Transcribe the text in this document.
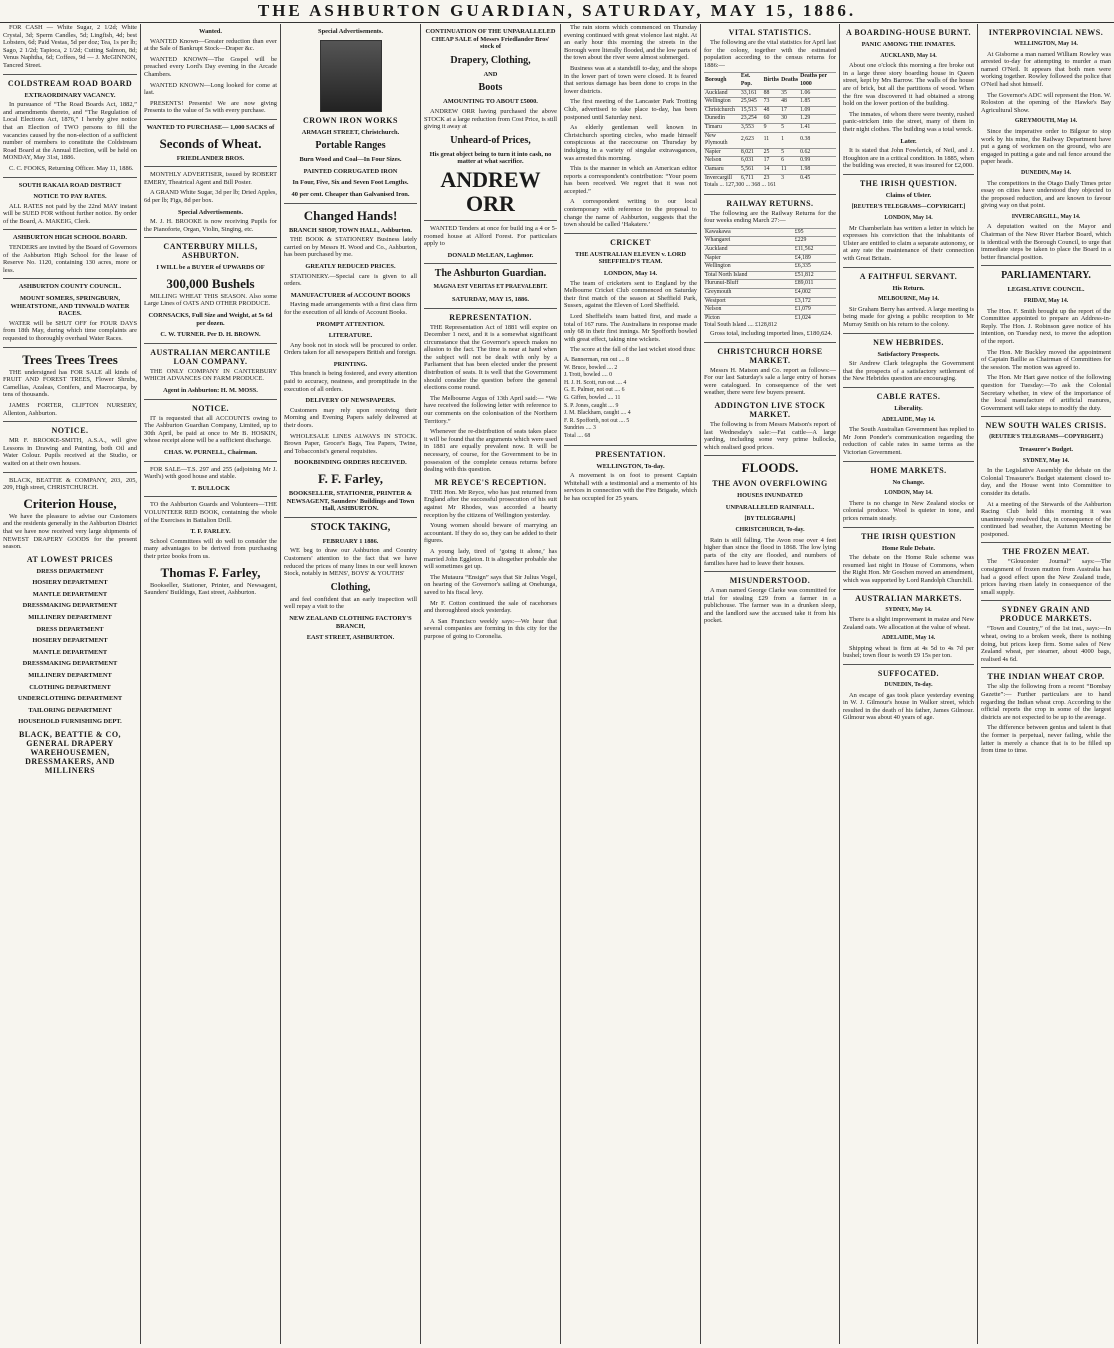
THE ASHBURTON GUARDIAN, SATURDAY, MAY 15, 1886.

FOR CASH — White Sugar, 2 1/2d; White Crystal, 3d; Sperm Candles, 5d; Lingfish, 4d; best Lobsters, 6d; Paid Vestas, 5d per doz; Tea, 1s per lb; Sago, 2 1/2d; Tapioca, 2 1/2d; Cutting Salmon, 8d; Venus Naphtha, 6d; Coffees, 9d — J. McGINNON, Tancred Street.

COLDSTREAM ROAD BOARD
EXTRAORDINARY VACANCY.

In pursuance of “The Road Boards Act, 1882,” and amendments thereto, and “The Regulation of Local Elections Act, 1876,” I hereby give notice that an Election of TWO persons to fill the vacancies caused by the non-election of a sufficient number of members to constitute the Coldstream Road Board at the Annual Election, will be held on MONDAY, May 31st, 1886.

C. C. FOOKS, Returning Officer. May 11, 1886.

SOUTH RAKAIA ROAD DISTRICT
NOTICE TO PAY RATES.

ALL RATES not paid by the 22nd MAY instant will be SUED FOR without further notice. By order of the Board, A. MAKEIG, Clerk.

ASHBURTON HIGH SCHOOL BOARD.

TENDERS are invited by the Board of Governors of the Ashburton High School for the lease of Reserve No. 1120, containing 130 acres, more or less.

ASHBURTON COUNTY COUNCIL.
MOUNT SOMERS, SPRINGBURN, WHEATSTONE, AND TINWALD WATER RACES.

WATER will be SHUT OFF for FOUR DAYS from 18th May, during which time complaints are requested to thoroughly overhaul Water Races.

Trees Trees Trees

THE undersigned has FOR SALE all kinds of FRUIT AND FOREST TREES, Flower Shrubs, Camellias, Azaleas, Conifers, and Macrocarpa, by tens of thousands.

JAMES FORTER, CLIFTON NURSERY, Allenton, Ashburton.

NOTICE.

MR F. BROOKE-SMITH, A.S.A., will give Lessons in Drawing and Painting, both Oil and Water Colour. Pupils received at the Studio, or waited on at their own houses.

BLACK, BEATTIE & COMPANY, 203, 205, 209, High street, CHRISTCHURCH.

Criterion House,

We have the pleasure to advise our Customers and the residents generally in the Ashburton District that we have now received very large shipments of NEWEST DRAPERY GOODS for the present season.

AT LOWEST PRICES
DRESS DEPARTMENT
HOSIERY DEPARTMENT
MANTLE DEPARTMENT
DRESSMAKING DEPARTMENT
MILLINERY DEPARTMENT
DRESS DEPARTMENT
HOSIERY DEPARTMENT
MANTLE DEPARTMENT
DRESSMAKING DEPARTMENT
MILLINERY DEPARTMENT
CLOTHING DEPARTMENT
UNDERCLOTHING DEPARTMENT
TAILORING DEPARTMENT
HOUSEHOLD FURNISHING DEPT.
BLACK, BEATTIE & CO, GENERAL DRAPERY WAREHOUSEMEN, DRESSMAKERS, AND MILLINERS
Wanted.

WANTED Known—Greater reduction than ever at the Sale of Bankrupt Stock—Draper &c.

WANTED KNOWN—The Gospel will be preached every Lord's Day evening in the Arcade Chambers.

WANTED KNOWN—Long looked for come at last.

PRESENTS! Presents! We are now giving Presents to the value of 5s with every purchase.

WANTED TO PURCHASE— 1,000 SACKS of
Seconds of Wheat.
FRIEDLANDER BROS.

MONTHLY ADVERTISER, issued by ROBERT EMERY, Theatrical Agent and Bill Poster.

A GRAND White Sugar, 3d per lb; Dried Apples, 6d per lb; Figs, 8d per box.

Special Advertisements.

M. J. H. BROOKE is now receiving Pupils for the Pianoforte, Organ, Violin, Singing, etc.

CANTERBURY MILLS, ASHBURTON.
I WILL be a BUYER of UPWARDS OF
300,000 Bushels

MILLING WHEAT THIS SEASON. Also some Large Lines of OATS AND OTHER PRODUCE.

CORNSACKS, Full Size and Weight, at 5s 6d per dozen.
C. W. TURNER. Per D. H. BROWN.
AUSTRALIAN MERCANTILE LOAN COMPANY.

THE ONLY COMPANY IN CANTERBURY WHICH ADVANCES ON FARM PRODUCE.

Agent in Ashburton: H. M. MOSS.
NOTICE.

IT is requested that all ACCOUNTS owing to The Ashburton Guardian Company, Limited, up to 30th April, be paid at once to Mr B. HOSKIN, whose receipt alone will be a sufficient discharge.

CHAS. W. PURNELL, Chairman.

FOR SALE—T.S. 297 and 255 (adjoining Mr J. Ward's) with good house and stable.

T. BULLOCK

TO the Ashburton Guards and Volunteers—THE VOLUNTEER RED BOOK, containing the whole of the Exercises in Battalion Drill.

T. F. FARLEY.

School Committees will do well to consider the many advantages to be derived from purchasing their prize books from us.

Thomas F. Farley,

Bookseller, Stationer, Printer, and Newsagent, Saunders' Buildings, East street, Ashburton.

Special Advertisements.
CROWN IRON WORKS
ARMAGH STREET, Christchurch.
Portable Ranges
Burn Wood and Coal—In Four Sizes.
PAINTED CORRUGATED IRON
In Four, Five, Six and Seven Foot Lengths.
40 per cent. Cheaper than Galvanised Iron.
Changed Hands!
BRANCH SHOP, TOWN HALL, Ashburton.

THE BOOK & STATIONERY Business lately carried on by Messrs H. Wood and Co., Ashburton, has been purchased by me.

GREATLY REDUCED PRICES.

STATIONERY.—Special care is given to all orders.

MANUFACTURER of ACCOUNT BOOKS

Having made arrangements with a first class firm for the execution of all kinds of Account Books.

PROMPT ATTENTION.
LITERATURE.

Any book not in stock will be procured to order. Orders taken for all newspapers British and foreign.

PRINTING.

This branch is being fostered, and every attention paid to accuracy, neatness, and promptitude in the execution of all orders.

DELIVERY OF NEWSPAPERS.

Customers may rely upon receiving their Morning and Evening Papers safely delivered at their doors.

WHOLESALE LINES ALWAYS IN STOCK. Brown Paper, Grocer's Bags, Tea Papers, Twine, and Tobacconist's general requisites.

BOOKBINDING ORDERS RECEIVED.
F. F. Farley,
BOOKSELLER, STATIONER, PRINTER & NEWSAGENT, Saunders' Buildings and Town Hall, ASHBURTON.
STOCK TAKING,
FEBRUARY 1 1886.

WE beg to draw our Ashburton and Country Customers' attention to the fact that we have reduced the prices of many lines in our well known Stock, notably in MENS', BOYS' & YOUTHS'

Clothing,

and feel confident that an early inspection will well repay a visit to the

NEW ZEALAND CLOTHING FACTORY'S BRANCH,
EAST STREET, ASHBURTON.
CONTINUATION OF THE UNPARALLELED CHEAP SALE of Messrs Friedlander Bros' stock of
Drapery, Clothing,
AND
Boots
AMOUNTING TO ABOUT £5000.

ANDREW ORR having purchased the above STOCK at a large reduction from Cost Price, is still giving it away at

Unheard-of Prices,
His great object being to turn it into cash, no matter at what sacrifice.
ANDREW ORR

WANTED Tenders at once for build ing a 4 or 5-roomed house at Alford Forest. For particulars apply to

DONALD McLEAN, Laghmor.
The Ashburton Guardian.
MAGNA EST VERITAS ET PRAEVALEBIT.
SATURDAY, MAY 15, 1886.
REPRESENTATION.

THE Representation Act of 1881 will expire on December 1 next, and it is a somewhat significant circumstance that the Governor's speech makes no allusion to the fact. The time is near at hand when the subject will not be dealt with only by a Parliament that has been elected under the present distribution of seats. It is well that the Government should consider the question before the general elections come round.

The Melbourne Argus of 13th April said:— “We have received the following letter with reference to our comments on the colonisation of the Northern Territory.”

Whenever the re-distribution of seats takes place it will be found that the arguments which were used in 1881 are equally prevalent now. It will be necessary, of course, for the Government to be in possession of the complete census returns before dealing with this question.

MR REYCE'S RECEPTION.

THE Hon. Mr Reyce, who has just returned from England after the successful prosecution of his suit against Mr Rhodes, was accorded a hearty reception by the citizens of Wellington yesterday.

Young women should beware of marrying an accountant. If they do so, they can be added to their figures.

A young lady, tired of ‘going it alone,’ has married John Eggleton. It is altogether probable she will sometimes get up.

The Mutaura “Ensign” says that Sir Julius Vogel, on hearing of the Governor's sailing at Onehunga, saved to his fiscal levy.

Mr F. Cotton continued the sale of racehorses and thoroughbred stock yesterday.

A San Francisco weekly says:—We hear that several companies are forming in this city for the purpose of going to Coronelia.

The rain storm which commenced on Thursday evening continued with great violence last night. At an early hour this morning the streets in the Borough were literally flooded, and the low parts of the town about the river were almost submerged.

Business was at a standstill to-day, and the shops in the lower part of town were closed. It is feared that serious damage has been done to crops in the lower districts.

The first meeting of the Lancaster Park Trotting Club, advertised to take place to-day, has been postponed until Saturday next.

As elderly gentleman well known in Christchurch sporting circles, who made himself conspicuous at the racecourse on Thursday by indulging in a variety of singular extravagances, was arrested this morning.

This is the manner in which an American editor reports a correspondent's contribution: “Your poem has been received. We regret that it was not accepted.”

A correspondent writing to our local contemporary with reference to the proposal to change the name of Ashburton, suggests that the town should be called ‘Hakatere.’

CRICKET
THE AUSTRALIAN ELEVEN v. LORD SHEFFIELD'S TEAM.
LONDON, May 14.

The team of cricketers sent to England by the Melbourne Cricket Club commenced on Saturday their first match of the season at Sheffield Park, Sussex, against the Eleven of Lord Sheffield.

Lord Sheffield's team batted first, and made a total of 167 runs. The Australians in response made only 68 in their first innings. Mr Spofforth bowled with great effect, taking nine wickets.

The score at the fall of the last wicket stood thus:

A. Bannerman, run out .... 8
W. Bruce, bowled .... 2
J. Trott, bowled .... 0
H. J. H. Scott, run out .... 4
G. E. Palmer, not out .... 6
G. Giffen, bowled .... 11
S. P. Jones, caught .... 9
J. M. Blackham, caught .... 4
F. R. Spofforth, not out .... 5
Sundries .... 3
Total .... 68
PRESENTATION.
WELLINGTON, To-day.

A movement is on foot to present Captain Whitehall with a testimonial and a memento of his services in connection with the Fire Brigade, which he has occupied for 25 years.

VITAL STATISTICS.

The following are the vital statistics for April last for the colony, together with the estimated population according to the census returns for 1886:—

Borough	Est. Pop.	Births	Deaths	Deaths per 1000
Auckland	33,161	88	35	1.06
Wellington	25,945	73	48	1.85
Christchurch	15,513	48	17	1.09
Dunedin	23,254	60	30	1.29
Timaru	3,553	9	5	1.41
New Plymouth	2,623	11	1	0.38
Napier	8,021	25	5	0.62
Nelson	6,031	17	6	0.99
Oamaru	5,561	14	11	1.98
Invercargill	6,711	23	3	0.45
Totals ... 127,300 ... 368 ... 161
RAILWAY RETURNS.

The following are the Railway Returns for the four weeks ending March 27:—

Kawakawa	£95
Whangarei	£229
Auckland	£11,562
Napier	£4,189
Wellington	£6,335
Total North Island	£51,812
Hurunui-Bluff	£89,011
Greymouth	£4,002
Westport	£3,172
Nelson	£1,079
Picton	£1,024
Total South Island .... £128,812

Gross total, including imported lines, £180,624.

CHRISTCHURCH HORSE MARKET.

Messrs H. Matson and Co. report as follows:—For our last Saturday's sale a large entry of horses were catalogued. In consequence of the wet weather, there were few buyers present.

ADDINGTON LIVE STOCK MARKET.

The following is from Messrs Matson's report of last Wednesday's sale:—Fat cattle—A large yarding, including some very prime bullocks, which realised good prices.

FLOODS.
THE AVON OVERFLOWING
HOUSES INUNDATED
UNPARALLELED RAINFALL.
[BY TELEGRAPH.]
CHRISTCHURCH, To-day.

Rain is still falling. The Avon rose over 4 feet higher than since the flood in 1868. The low lying parts of the city are flooded, and numbers of families have had to leave their houses.

MISUNDERSTOOD.

A man named George Clarke was committed for trial for stealing £29 from a farmer in a publichouse. The farmer was in a drunken sleep, and the landlord saw the accused take it from his pocket.

A BOARDING-HOUSE BURNT.
PANIC AMONG THE INMATES.
AUCKLAND, May 14.

About one o'clock this morning a fire broke out in a large three story boarding house in Queen street, kept by Mrs Barrow. The walls of the house are of brick, but all the partitions of wood. When the fire was discovered it had obtained a strong hold on the lower portion of the building.

The inmates, of whom there were twenty, rushed panic-stricken into the street, many of them in their night clothes. The building was a total wreck.

Later.

It is stated that John Fowlerick, of Neil, and J. Houghton are in a critical condition. In 1885, when the building was erected, it was insured for £2,000.

THE IRISH QUESTION.
Claims of Ulster.
[REUTER'S TELEGRAMS—COPYRIGHT.]
LONDON, May 14.

Mr Chamberlain has written a letter in which he expresses his conviction that the inhabitants of Ulster are entitled to claim a separate autonomy, or at any rate the maintenance of their connection with Great Britain.

A FAITHFUL SERVANT.
His Return.
MELBOURNE, May 14.

Sir Graham Berry has arrived. A large meeting is being made for giving a public reception to Mr Murray Smith on his return to the colony.

NEW HEBRIDES.
Satisfactory Prospects.

Sir Andrew Clark telegraphs the Government that the prospects of a satisfactory settlement of the New Hebrides question are encouraging.

CABLE RATES.
Liberality.
ADELAIDE, May 14.

The South Australian Government has replied to Mr Jonn Ponder's communication regarding the reduction of cable rates in same terms as the Victorian Government.

HOME MARKETS.
No Change.
LONDON, May 14.

There is no change in New Zealand stocks or colonial produce. Wool is quieter in tone, and prices remain steady.

THE IRISH QUESTION
Home Rule Debate.

The debate on the Home Rule scheme was resumed last night in House of Commons, when the Right Hon. Mr Goschen moved an amendment, which was supported by Lord Randolph Churchill.

AUSTRALIAN MARKETS.
SYDNEY, May 14.

There is a slight improvement in maize and New Zealand oats. We allocation at the value of wheat.

ADELAIDE, May 14.

Shipping wheat is firm at 4s 5d to 4s 7d per bushel; town flour is worth £9 15s per ton.

SUFFOCATED.
DUNEDIN, To-day.

An escape of gas took place yesterday evening in W. J. Gilmour's house in Walker street, which resulted in the death of his father, James Gilmour. Gilmour was about 40 years of age.

INTERPROVINCIAL NEWS.
WELLINGTON, May 14.

At Gisborne a man named William Rowley was arrested to-day for attempting to murder a man named O'Neil. It appears that both men were working together. Rowley followed the police that O'Neil had shot himself.

The Governor's ADC will represent the Hon. W. Roloston at the opening of the Hawke's Bay Agricultural Show.

GREYMOUTH, May 14.

Since the imperative order to Bilgour to stop work by his mine, the Railway Department have put a gang of workmen on the ground, who are engaged in putting a gate and rail fence around the paper heads.

DUNEDIN, May 14.

The competitors in the Otago Daily Times prize essay on cities have understood they objected to the proposed reduction, and are known to favour giving way on that point.

INVERCARGILL, May 14.

A deputation waited on the Mayor and Chairman of the New River Harbor Board, which is identical with the Borough Council, to urge that immediate steps be taken to place the Board in a better financial position.

PARLIAMENTARY.
LEGISLATIVE COUNCIL.
FRIDAY, May 14.

The Hon. F. Smith brought up the report of the Committee appointed to prepare an Address-in-Reply. The Hon. J. Robinson gave notice of his intention, on Tuesday next, to move the adoption of the report.

The Hon. Mr Buckley moved the appointment of Captain Baillie as Chairman of Committees for the session. The motion was agreed to.

The Hon. Mr Hart gave notice of the following question for Tuesday:—To ask the Colonial Secretary whether, in view of the importance of the local manufacture of artificial manures, Government will take steps to modify the duty.

NEW SOUTH WALES CRISIS.
(REUTER'S TELEGRAMS—COPYRIGHT.)
Treasurer's Budget.
SYDNEY, May 14.

In the Legislative Assembly the debate on the Colonial Treasurer's Budget statement closed to-day, and the House went into Committee to consider its details.

At a meeting of the Stewards of the Ashburton Racing Club held this morning it was unanimously resolved that, in consequence of the continued bad weather, the Autumn Meeting be postponed.

THE FROZEN MEAT.

The “Gloucester Journal” says:—The consignment of frozen mutton from Australia has had a good effect upon the New Zealand trade, prices having risen lately in consequence of the small supply.

SYDNEY GRAIN AND PRODUCE MARKETS.

“Town and Country,” of the 1st inst., says:—In wheat, owing to a broken week, there is nothing doing, but prices keep firm. Some sales of New Zealand wheat, per steamer, about 4000 bags, realised 4s 6d.

THE INDIAN WHEAT CROP.

The slip the following from a recent “Bombay Gazette”:— Further particulars are to hand regarding the Indian wheat crop. According to the official reports the crop in some of the largest districts are not expected to be up to the average.

The difference between genius and talent is that the former is perpetual, never failing, while the latter is merely a chance that is to be filled up from time to time.
